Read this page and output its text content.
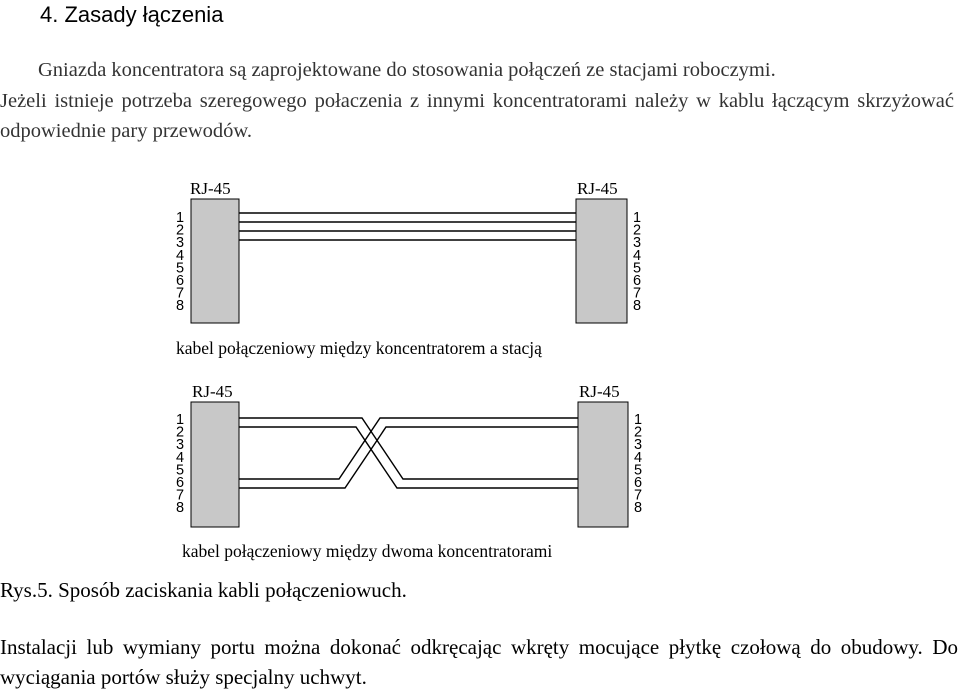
4. Zasady łączenia
Gniazda koncentratora są zaprojektowane do stosowania połączeń ze stacjami roboczymi.
Jeżeli istnieje potrzeba szeregowego połaczenia z innymi koncentratorami należy w kablu łączącym skrzyżować odpowiednie pary przewodów.
RJ-45	RJ-45
1
2
3
4
5
6
7
8
1
2
3
4
5
6
7
8
kabel połączeniowy między koncentratorem a stacją
RJ-45	RJ-45
1
2
3
4
5
6
7
8
1
2
3
4
5
6
7
8
kabel połączeniowy między dwoma koncentratorami
Rys.5. Sposób zaciskania kabli połączeniowuch.
Instalacji lub wymiany portu można dokonać odkręcając wkręty mocujące płytkę czołową do obudowy. Do wyciągania portów służy specjalny uchwyt.
